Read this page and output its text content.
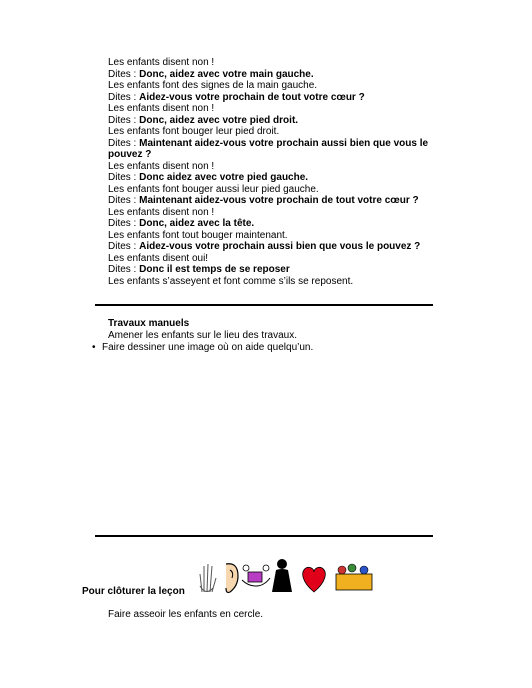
Les enfants disent non !
Dites : Donc, aidez avec votre main gauche.
Les enfants font des signes de la main gauche.
Dites : Aidez-vous votre prochain de tout votre cœur ?
Les enfants disent non !
Dites : Donc, aidez avec votre pied droit.
Les enfants font bouger leur pied droit.
Dites : Maintenant aidez-vous votre prochain aussi bien que vous le pouvez ?
Les enfants disent non !
Dites : Donc aidez avec votre pied gauche.
Les enfants font bouger aussi leur pied gauche.
Dites : Maintenant aidez-vous votre prochain de tout votre cœur ?
Les enfants disent non !
Dites : Donc, aidez avec la tête.
Les enfants font tout bouger maintenant.
Dites : Aidez-vous votre prochain aussi bien que vous le pouvez ?
Les enfants disent oui!
Dites : Donc il est temps de se reposer
Les enfants s’asseyent et font comme s’ils se reposent.
Travaux manuels
Amener les enfants sur le lieu des travaux.
• Faire dessiner une image où on aide quelqu’un.
Pour clôturer la leçon
Faire asseoir les enfants en cercle.
